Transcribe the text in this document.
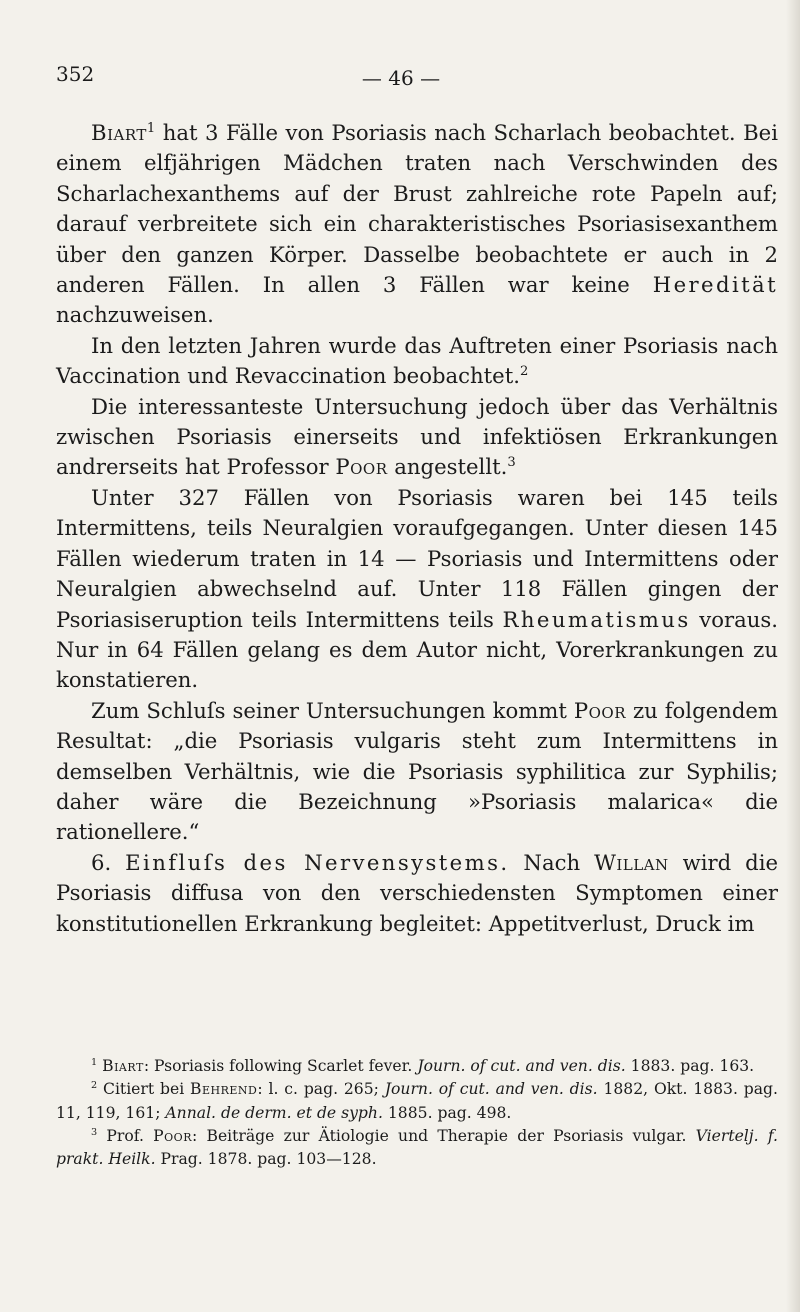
352	— 46 —

Biart$^1$ hat 3 Fälle von Psoriasis nach Scharlach beobachtet. Bei einem elfjährigen Mädchen traten nach Verschwinden des Scharlachexanthems auf der Brust zahlreiche rote Papeln auf; darauf verbreitete sich ein charakteristisches Psoriasisexanthem über den ganzen Körper. Dasselbe beobachtete er auch in 2 anderen Fällen. In allen 3 Fällen war keine Heredität nachzuweisen.

In den letzten Jahren wurde das Auftreten einer Psoriasis nach Vaccination und Revaccination beobachtet.$^2$

Die interessanteste Untersuchung jedoch über das Verhältnis zwischen Psoriasis einerseits und infektiösen Erkrankungen andrerseits hat Professor Poor angestellt.$^3$

Unter 327 Fällen von Psoriasis waren bei 145 teils Intermittens, teils Neuralgien voraufgegangen. Unter diesen 145 Fällen wiederum traten in 14 — Psoriasis und Intermittens oder Neuralgien abwechselnd auf. Unter 118 Fällen gingen der Psoriasiseruption teils Intermittens teils Rheumatismus voraus. Nur in 64 Fällen gelang es dem Autor nicht, Vorerkrankungen zu konstatieren.

Zum Schluſs seiner Untersuchungen kommt Poor zu folgendem Resultat: „die Psoriasis vulgaris steht zum Intermittens in demselben Verhältnis, wie die Psoriasis syphilitica zur Syphilis; daher wäre die Bezeichnung »Psoriasis malarica« die rationellere.“

6. Einfluſs des Nervensystems. Nach Willan wird die Psoriasis diffusa von den verschiedensten Symptomen einer konstitutionellen Erkrankung begleitet: Appetitverlust, Druck im

$^1$ Biart: Psoriasis following Scarlet fever. Journ. of cut. and ven. dis. 1883. pag. 163.

$^2$ Citiert bei Behrend: l. c. pag. 265; Journ. of cut. and ven. dis. 1882, Okt. 1883. pag. 11, 119, 161; Annal. de derm. et de syph. 1885. pag. 498.

$^3$ Prof. Poor: Beiträge zur Ätiologie und Therapie der Psoriasis vulgar. Viertelj. f. prakt. Heilk. Prag. 1878. pag. 103—128.
